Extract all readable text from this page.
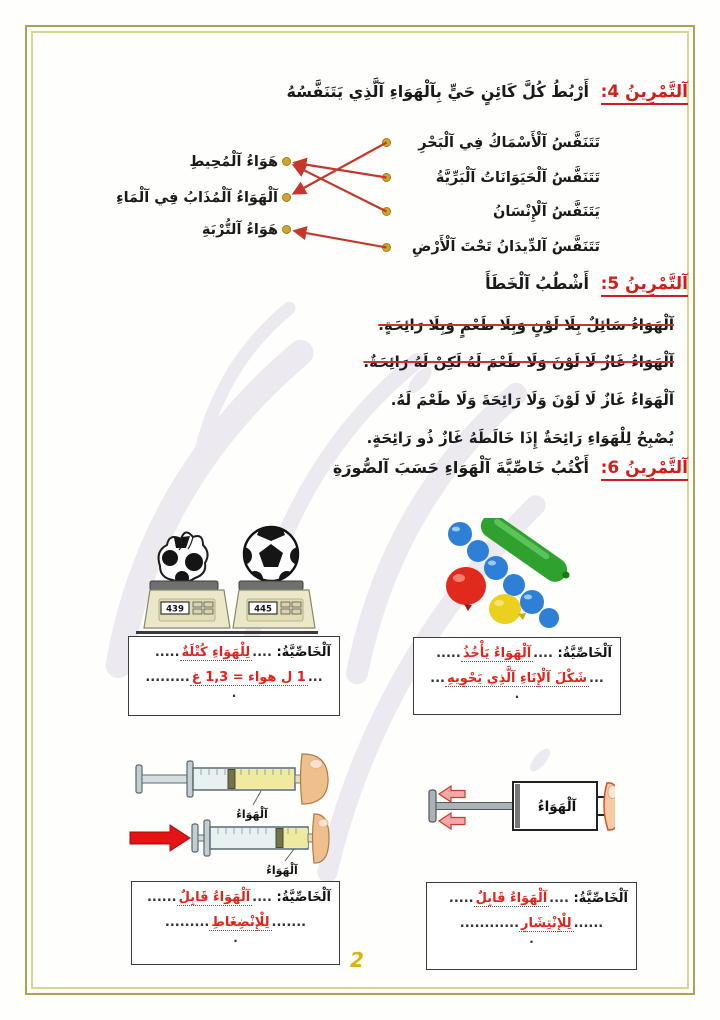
آلتَّمْرِينُ 4: أَرْبُطُ كُلَّ كَائِنٍ حَيٍّ بِآلْهَوَاءِ آلَّذِي يَتَنَفَّسُهُ
تَتَنَفَّسُ آلْأَسْمَاكُ فِي آلْبَحْرِ
تَتَنَفَّسُ آلْحَيَوَانَاتُ آلْبَرِّيَّةُ
يَتَنَفَّسُ آلْإِنْسَانُ
تَتَنَفَّسُ آلدِّيدَانُ تَحْتَ آلْأَرْضِ
هَوَاءُ آلْمُحِيطِ
آلْهَوَاءُ آلْمُذَابُ فِي آلْمَاءِ
هَوَاءُ آلتُّرْبَةِ
آلتَّمْرِينُ 5: أَشْطُبُ آلْخَطَأَ
آلْهَوَاءُ سَائِلٌ بِلَا لَوْنٍ وَبِلَا طَعْمٍ وَبِلَا رَائِحَةٍ.
آلْهَوَاءُ غَازٌ لَا لَوْنَ وَلَا طَعْمَ لَهُ لَكِنْ لَهُ رَائِحَةٌ.
آلْهَوَاءُ غَازٌ لَا لَوْنَ وَلَا رَائِحَةَ وَلَا طَعْمَ لَهُ.
يُصْبِحُ لِلْهَوَاءِ رَائِحَةٌ إِذَا خَالَطَهُ غَازٌ ذُو رَائِحَةٍ.
آلتَّمْرِينُ 6: أَكْتُبُ خَاصِّيَّةَ آلْهَوَاءِ حَسَبَ آلصُّورَةِ
439	445
آلْخَاصِّيَّةُ: ....لِلْهَوَاءِ كُتْلَةٌ.....
...1 ل هواء = 1,3 غ.........
.
آلْخَاصِّيَّةُ: ....آلْهَوَاءُ يَأْخُذُ.....
...شَكْلَ آلْإِنَاءِ آلَّذِي يَحْوِيهِ...
.
آلْهَوَاءُ
آلْهَوَاءُ
آلْهَوَاءُ
آلْخَاصِّيَّةُ: ....آلْهَوَاءُ قَابِلٌ......
.......لِلْإِنْضِغَاطِ.........
.
آلْخَاصِّيَّةُ: ....آلْهَوَاءُ قَابِلٌ.....
......لِلْإِنْتِشَارِ............
.
2
